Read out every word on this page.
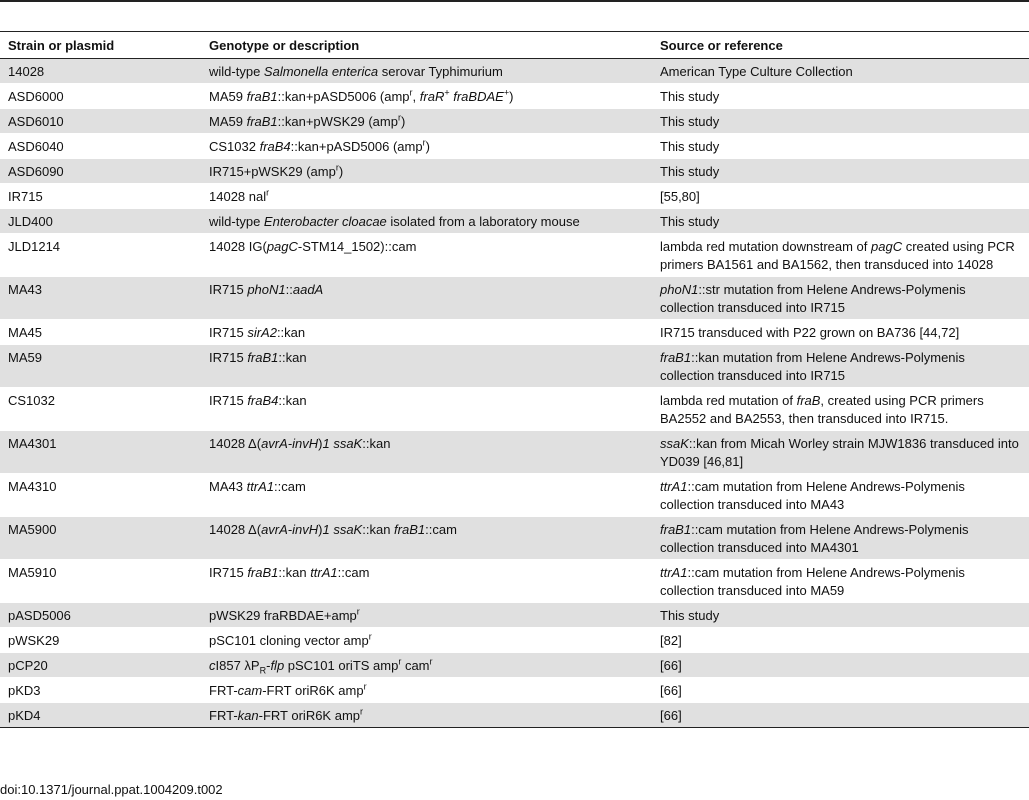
Strain or plasmid	Genotype or description	Source or reference
14028	wild-type Salmonella enterica serovar Typhimurium	American Type Culture Collection
ASD6000	MA59 fraB1::kan+pASD5006 (amp$^r$, fraR+ fraBDAE+)	This study
ASD6010	MA59 fraB1::kan+pWSK29 (amp$^r$)	This study
ASD6040	CS1032 fraB4::kan+pASD5006 (amp$^r$)	This study
ASD6090	IR715+pWSK29 (amp$^r$)	This study
IR715	14028 nal$^r$	[55,80]
JLD400	wild-type Enterobacter cloacae isolated from a laboratory mouse	This study
JLD1214	14028 IG(pagC-STM14_1502)::cam	lambda red mutation downstream of pagC created using PCR primers BA1561 and BA1562, then transduced into 14028
MA43	IR715 phoN1::aadA	phoN1::str mutation from Helene Andrews-Polymenis collection transduced into IR715
MA45	IR715 sirA2::kan	IR715 transduced with P22 grown on BA736 [44,72]
MA59	IR715 fraB1::kan	fraB1::kan mutation from Helene Andrews-Polymenis collection transduced into IR715
CS1032	IR715 fraB4::kan	lambda red mutation of fraB, created using PCR primers BA2552 and BA2553, then transduced into IR715.
MA4301	14028 Δ(avrA-invH)1 ssaK::kan	ssaK::kan from Micah Worley strain MJW1836 transduced into YD039 [46,81]
MA4310	MA43 ttrA1::cam	ttrA1::cam mutation from Helene Andrews-Polymenis collection transduced into MA43
MA5900	14028 Δ(avrA-invH)1 ssaK::kan fraB1::cam	fraB1::cam mutation from Helene Andrews-Polymenis collection transduced into MA4301
MA5910	IR715 fraB1::kan ttrA1::cam	ttrA1::cam mutation from Helene Andrews-Polymenis collection transduced into MA59
pASD5006	pWSK29 fraRBDAE+amp$^r$	This study
pWSK29	pSC101 cloning vector amp$^r$	[82]
pCP20	cI857 $\lambda P_R$-flp pSC101 oriTS amp$^r$ cam$^r$	[66]
pKD3	FRT-cam-FRT oriR6K amp$^r$	[66]
pKD4	FRT-kan-FRT oriR6K amp$^r$	[66]
doi:10.1371/journal.ppat.1004209.t002
